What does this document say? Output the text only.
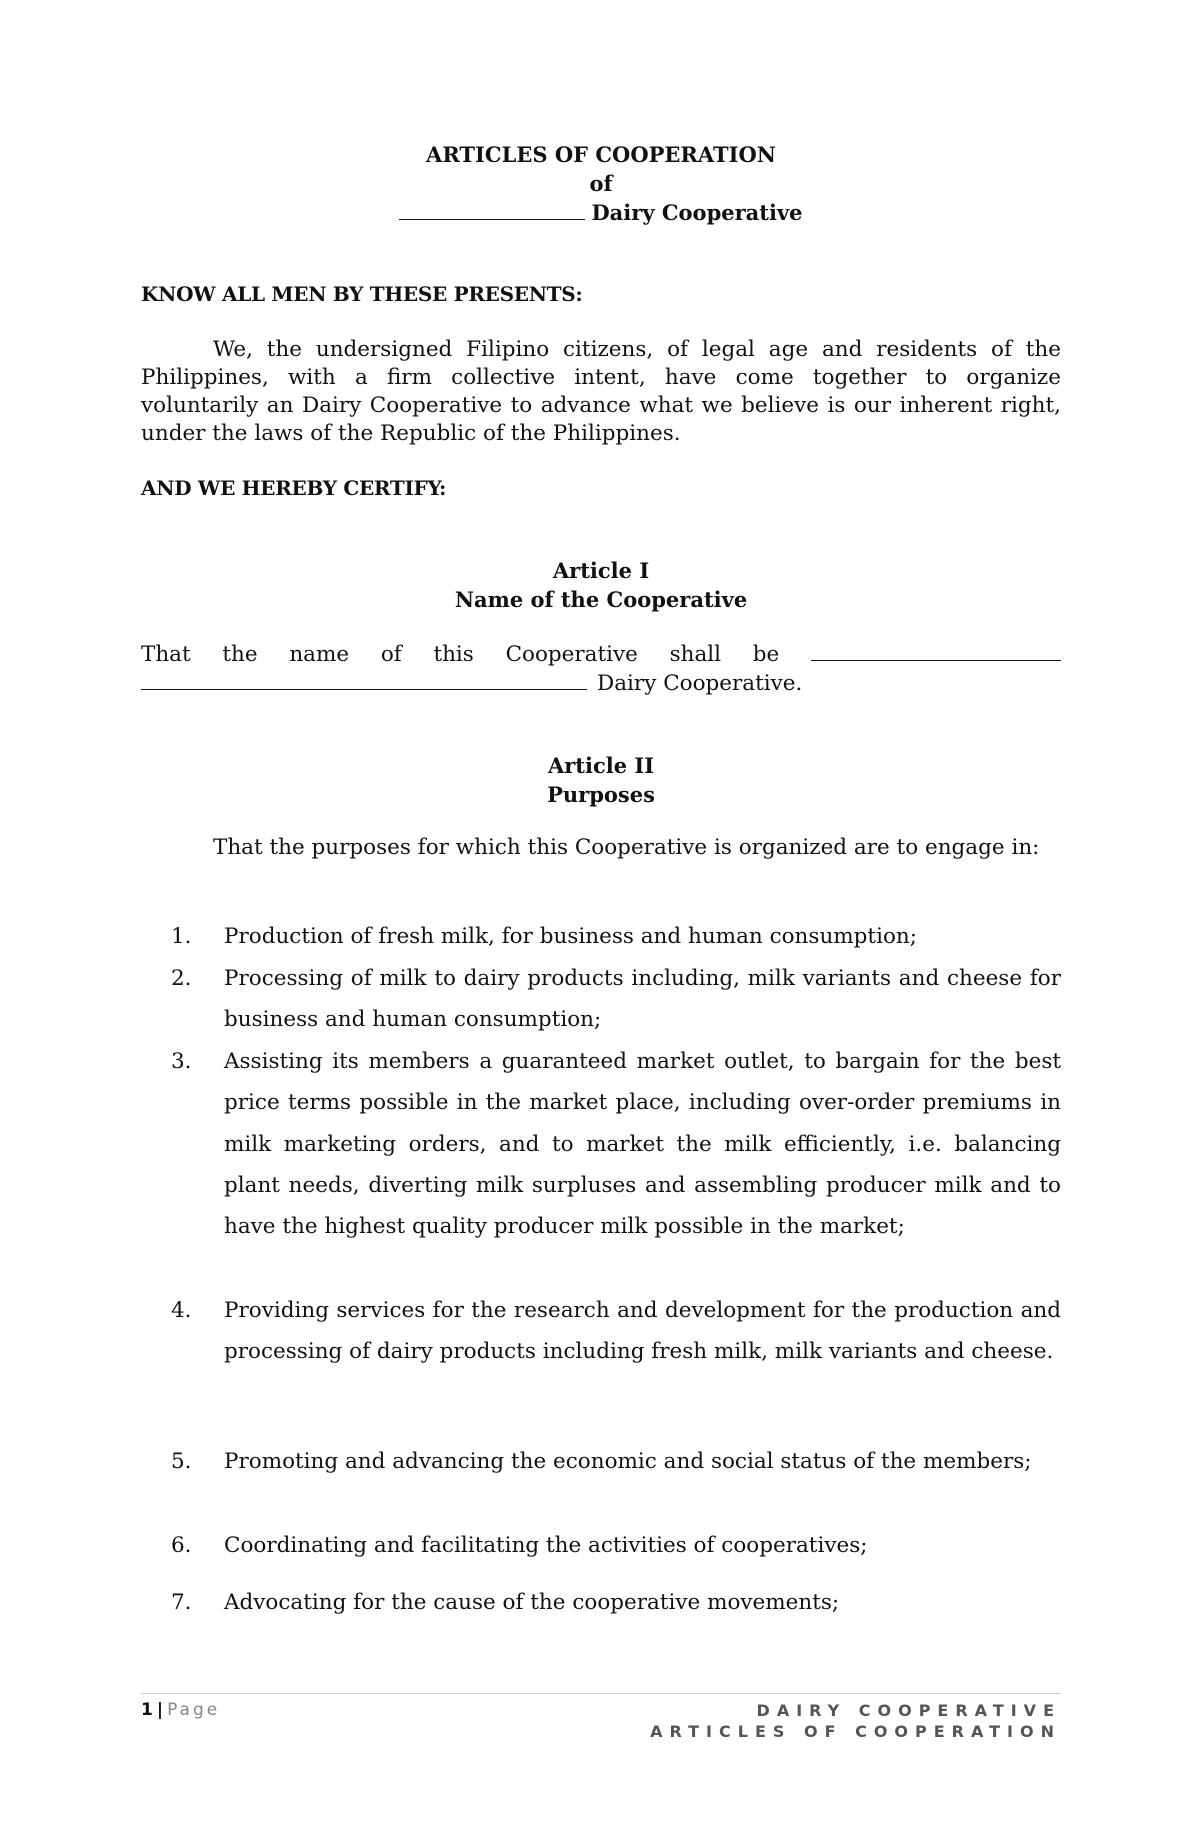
ARTICLES OF COOPERATION
of
Dairy Cooperative
KNOW ALL MEN BY THESE PRESENTS:
We, the undersigned Filipino citizens, of legal age and residents of the Philippines, with a firm collective intent, have come together to organize voluntarily an Dairy Cooperative to advance what we believe is our inherent right, under the laws of the Republic of the Philippines.
AND WE HEREBY CERTIFY:
Article I
Name of the Cooperative
That the name of this Cooperative shall be
Dairy Cooperative.
Article II
Purposes
That the purposes for which this Cooperative is organized are to engage in:
1.	Production of fresh milk, for business and human consumption;
2.	Processing of milk to dairy products including, milk variants and cheese for business and human consumption;
3.	Assisting its members a guaranteed market outlet, to bargain for the best price terms possible in the market place, including over-order premiums in milk marketing orders, and to market the milk efficiently, i.e. balancing plant needs, diverting milk surpluses and assembling producer milk and to have the highest quality producer milk possible in the market;
4.	Providing services for the research and development for the production and processing of dairy products including fresh milk, milk variants and cheese.
5.	Promoting and advancing the economic and social status of the members;
6.	Coordinating and facilitating the activities of cooperatives;
7.	Advocating for the cause of the cooperative movements;
1 | Page	DAIRY COOPERATIVE
ARTICLES OF COOPERATION
